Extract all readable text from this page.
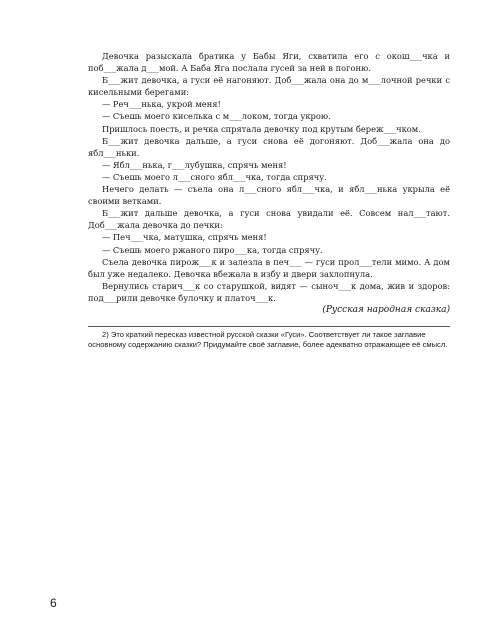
Девочка разыскала братика у Бабы Яги, схватила его с окош___чка и поб___жала д___мой. А Баба Яга послала гусей за ней в погоню.

Б___жит девочка, а гуси её нагоняют. Доб___жала она до м___лочной речки с кисельными берегами:

— Реч___нька, укрой меня!

— Съешь моего киселька с м___локом, тогда укрою.

Пришлось поесть, и речка спрятала девочку под крутым береж___чком.

Б___жит девочка дальше, а гуси снова её догоняют. Доб___жала она до ябл___ньки.

— Ябл___нька, г___лубушка, спрячь меня!

— Съешь моего л___сного ябл___чка, тогда спрячу.

Нечего делать — съела она л___сного ябл___чка, и ябл___нька укрыла её своими ветками.

Б___жит дальше девочка, а гуси снова увидали её. Совсем нал___тают. Доб___жала девочка до печки:

— Печ___чка, матушка, спрячь меня!

— Съешь моего ржаного пиро___ка, тогда спрячу.

Съела девочка пирож___к и залезла в печ___ — гуси прол___тели мимо. А дом был уже недалеко. Девочка вбежала в избу и двери захлопнула.

Вернулись старич___к со старушкой, видят — сыноч___к дома, жив и здоров: под___рили девочке булочку и платоч___к.

(Русская народная сказка)

2) Это краткий пересказ известной русской сказки «Гуси». Соответствует ли такое заглавие основному содержанию сказки? Придумайте своё заглавие, более адекватно отражающее её смысл.

6
